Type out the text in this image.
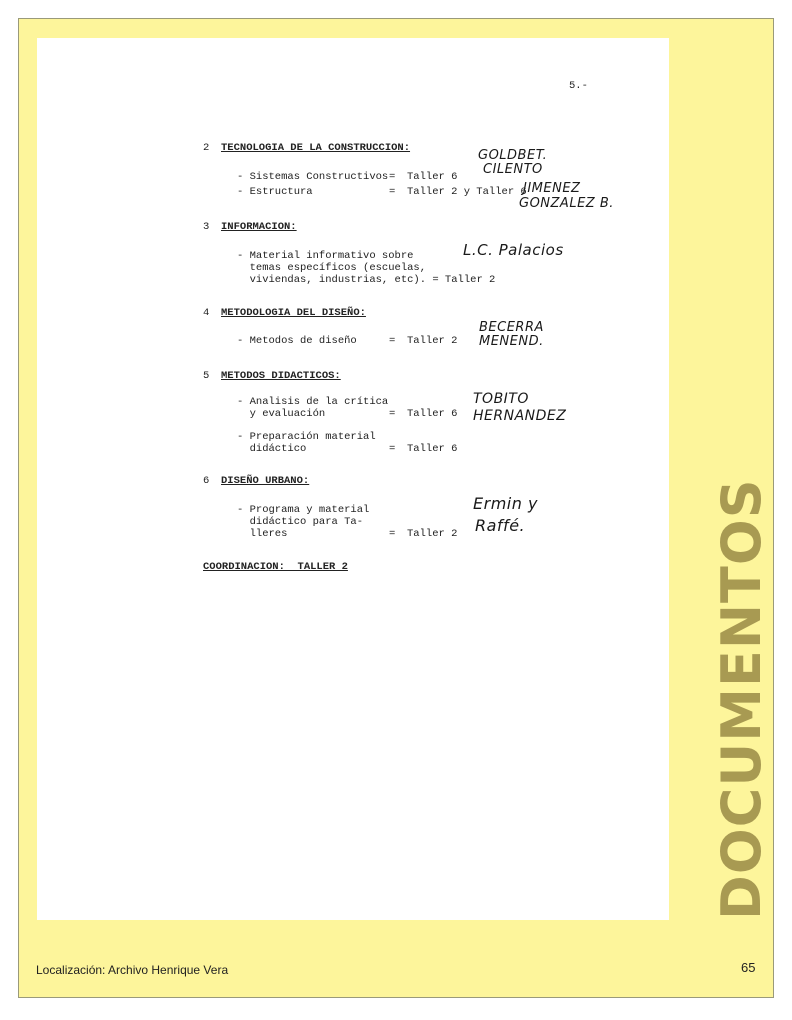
5.-
2 TECNOLOGIA DE LA CONSTRUCCION:
- Sistemas Constructivos = Taller 6
- Estructura	= Taller 2 y Taller 6
3 INFORMACION:
- Material informativo sobre
temas específicos (escuelas,
viviendas, industrias, etc). = Taller 2
4 METODOLOGIA DEL DISEÑO:
- Metodos de diseño	= Taller 2
5 METODOS DIDACTICOS:
- Analisis de la crítica
y evaluación	= Taller 6
- Preparación material
didáctico	= Taller 6
6 DISEÑO URBANO:
- Programa y material
didáctico para Ta-
lleres	= Taller 2
COORDINACION:  TALLER 2
GOLDBET.
CILENTO
JIMENEZ
GONZALEZ B.
L.C. Palacios
BECERRA
MENEND.
TOBITO
HERNANDEZ
Ermin y
Raffé.	DOCUMENTOS
Localización: Archivo Henrique Vera	65
